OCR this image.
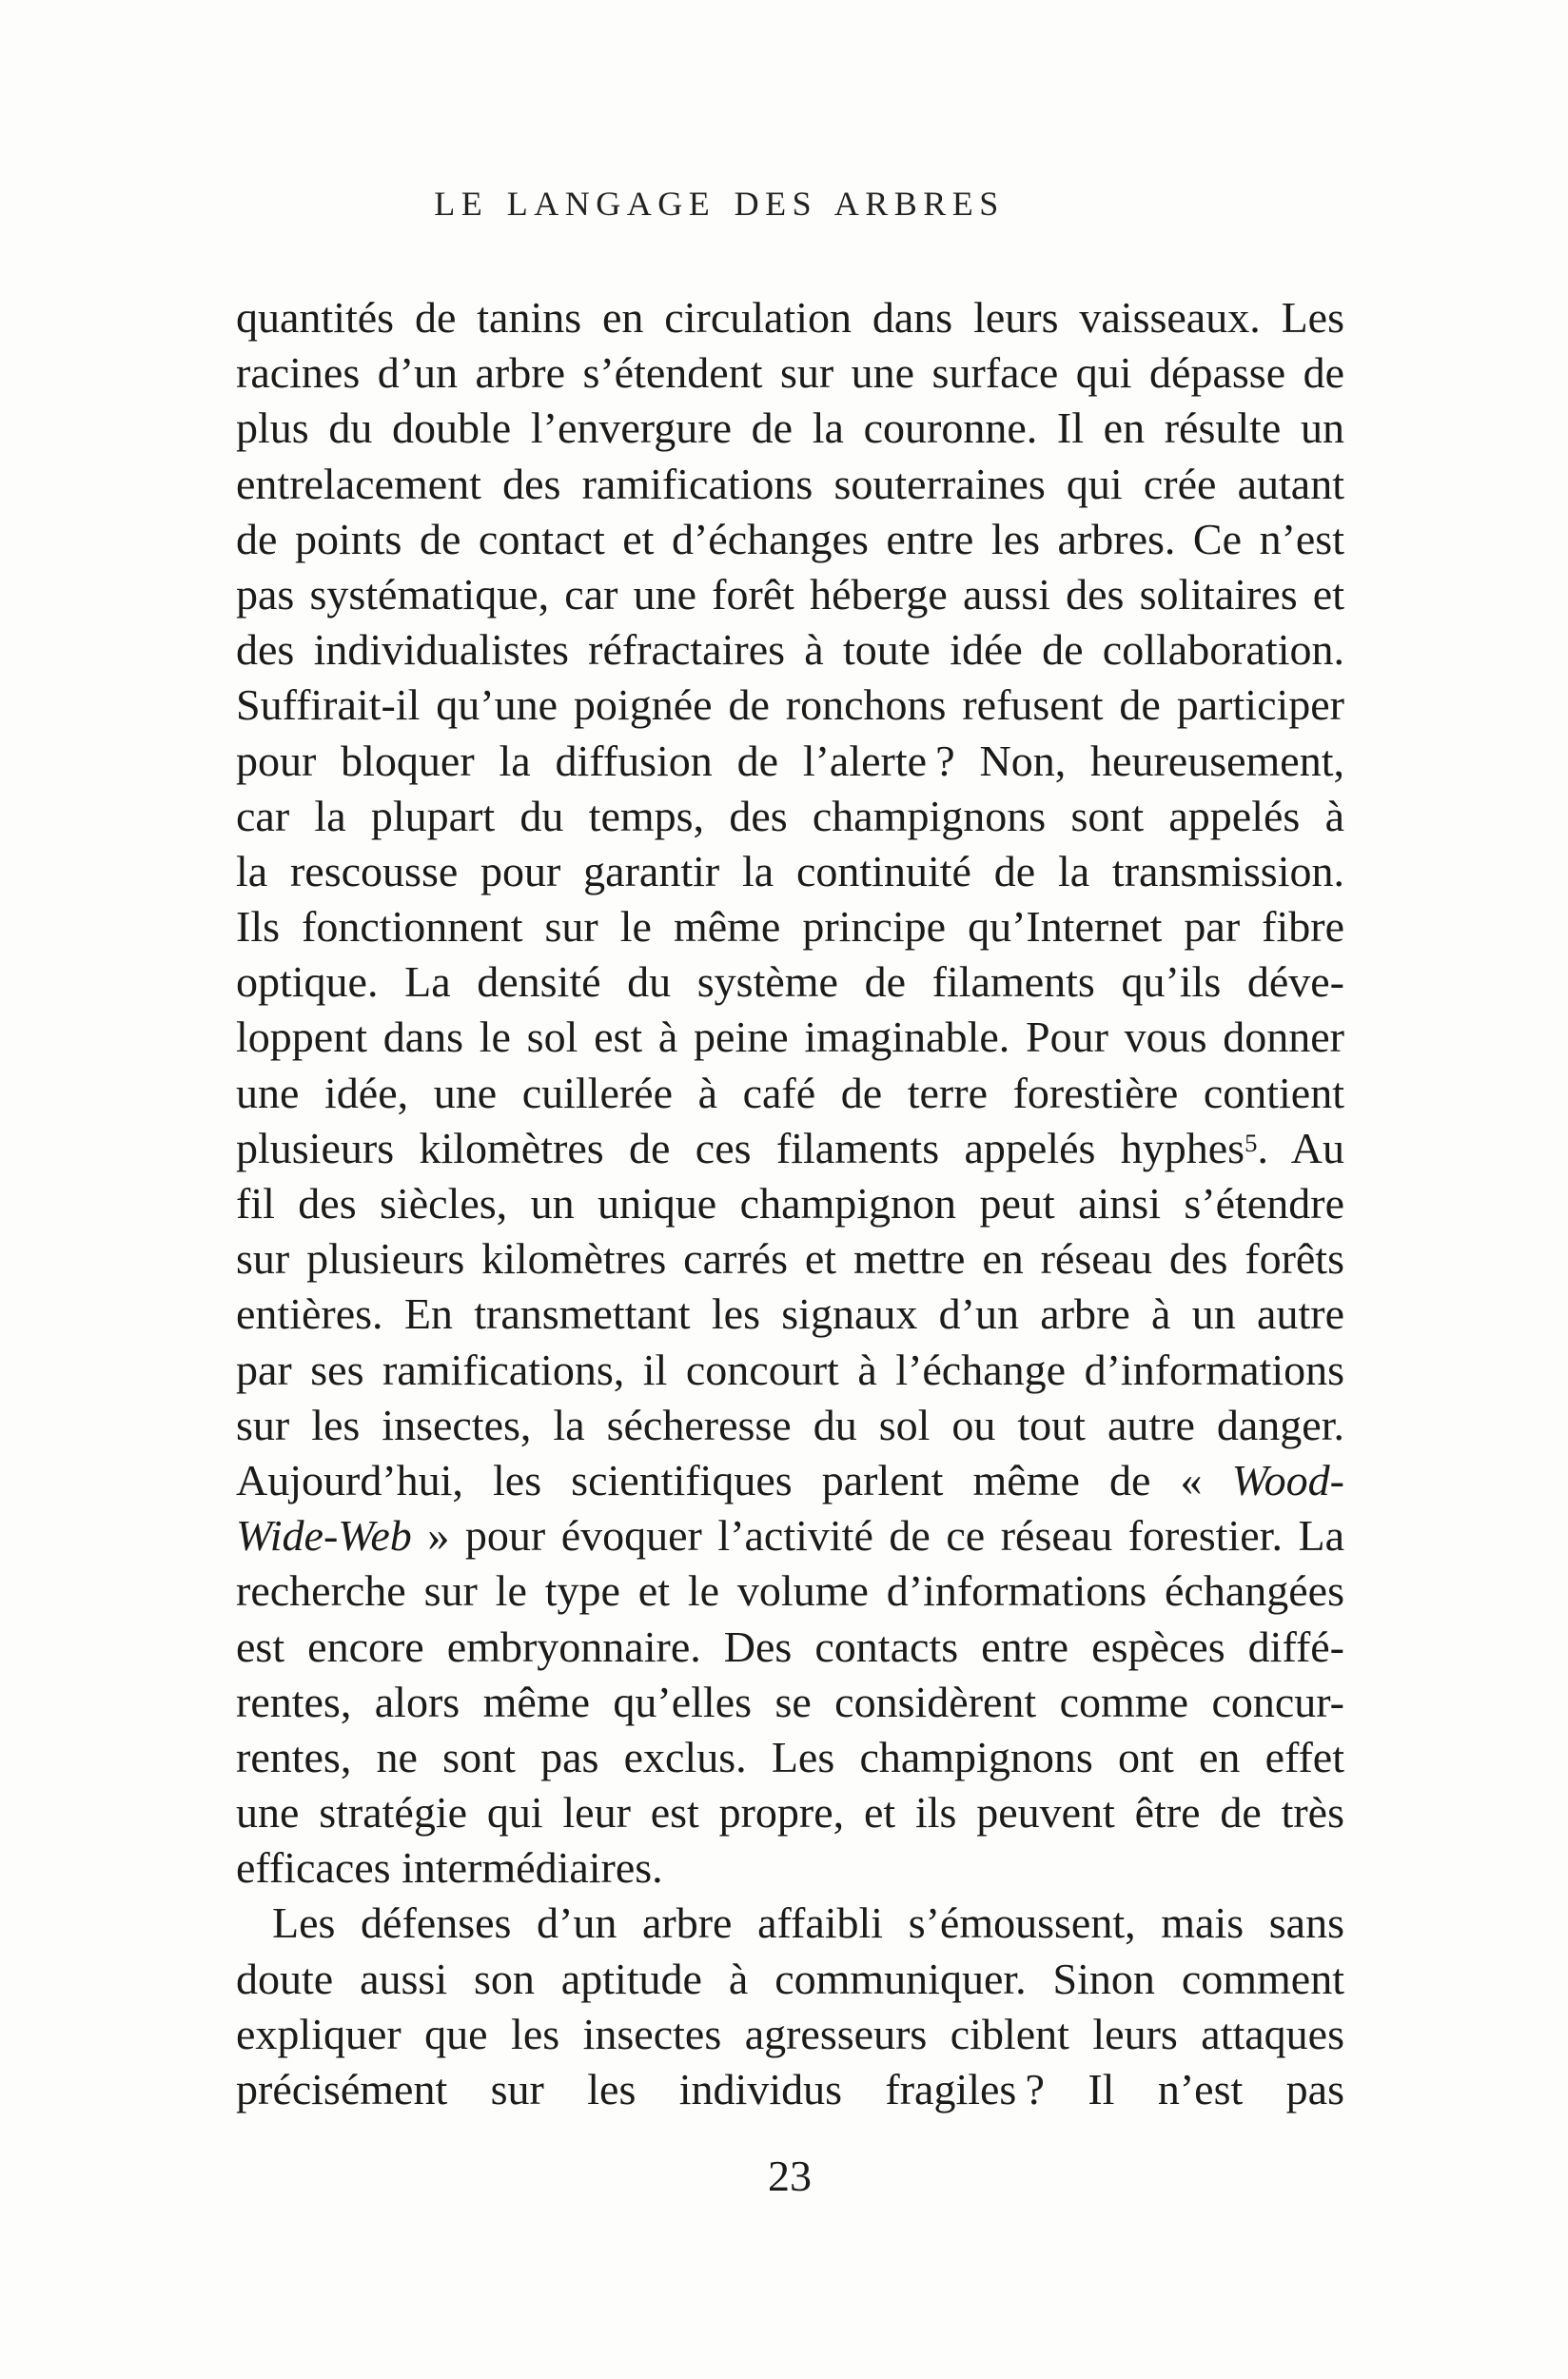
LE LANGAGE DES ARBRES
quantités de tanins en circulation dans leurs vaisseaux. Les
racines d’un arbre s’étendent sur une surface qui dépasse de
plus du double l’envergure de la couronne. Il en résulte un
entrelacement des ramifications souterraines qui crée autant
de points de contact et d’échanges entre les arbres. Ce n’est
pas systématique, car une forêt héberge aussi des solitaires et
des individualistes réfractaires à toute idée de collaboration.
Suffirait-il qu’une poignée de ronchons refusent de participer
pour bloquer la diffusion de l’alerte ? Non, heureusement,
car la plupart du temps, des champignons sont appelés à
la rescousse pour garantir la continuité de la transmission.
Ils fonctionnent sur le même principe qu’Internet par fibre
optique. La densité du système de filaments qu’ils déve-
loppent dans le sol est à peine imaginable. Pour vous donner
une idée, une cuillerée à café de terre forestière contient
plusieurs kilomètres de ces filaments appelés hyphes$^5$. Au
fil des siècles, un unique champignon peut ainsi s’étendre
sur plusieurs kilomètres carrés et mettre en réseau des forêts
entières. En transmettant les signaux d’un arbre à un autre
par ses ramifications, il concourt à l’échange d’informations
sur les insectes, la sécheresse du sol ou tout autre danger.
Aujourd’hui, les scientifiques parlent même de « Wood-
Wide-Web » pour évoquer l’activité de ce réseau forestier. La
recherche sur le type et le volume d’informations échangées
est encore embryonnaire. Des contacts entre espèces diffé-
rentes, alors même qu’elles se considèrent comme concur-
rentes, ne sont pas exclus. Les champignons ont en effet
une stratégie qui leur est propre, et ils peuvent être de très
efficaces intermédiaires.
Les défenses d’un arbre affaibli s’émoussent, mais sans
doute aussi son aptitude à communiquer. Sinon comment
expliquer que les insectes agresseurs ciblent leurs attaques
précisément sur les individus fragiles ? Il n’est pas
23
